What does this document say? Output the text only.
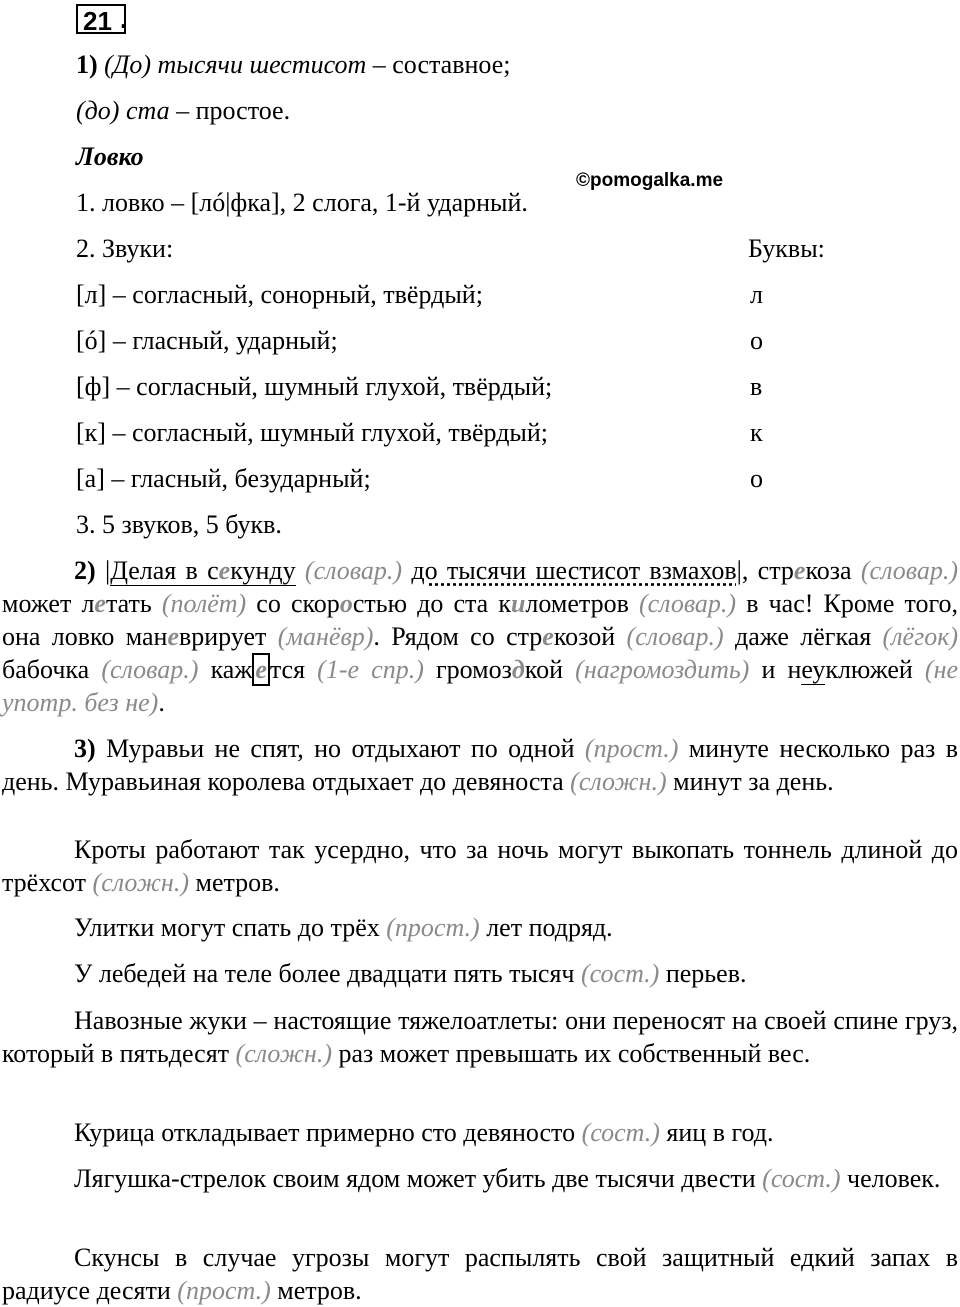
21 .
©pomogalka.me
1) (До) тысячи шестисот – составное;
(до) ста – простое.
Ловко
1. ловко – [лó|фка], 2 слога, 1-й ударный.
2. Звуки:	Буквы:
[л] – согласный, сонорный, твёрдый;	л
[ó] – гласный, ударный;	о
[ф] – согласный, шумный глухой, твёрдый;	в
[к] – согласный, шумный глухой, твёрдый;	к
[а] – гласный, безударный;	о
3. 5 звуков, 5 букв.
2) |Делая в секунду (словар.) до тысячи шестисот взмахов|, стрекоза (словар.) может летать (полёт) со скоростью до ста километров (словар.) в час! Кроме того, она ловко маневрирует (манёвр). Рядом со стрекозой (словар.) даже лёгкая (лёгок) бабочка (словар.) каж е тся (1-е спр.) громоздкой (нагромоздить) и неуклюжей (не употр. без не).
3) Муравьи не спят, но отдыхают по одной (прост.) минуте несколько раз в день. Муравьиная королева отдыхает до девяноста (сложн.) минут за день.
Кроты работают так усердно, что за ночь могут выкопать тоннель длиной до трёхсот (сложн.) метров.
Улитки могут спать до трёх (прост.) лет подряд.
У лебедей на теле более двадцати пять тысяч (сост.) перьев.
Навозные жуки – настоящие тяжелоатлеты: они переносят на своей спине груз, который в пятьдесят (сложн.) раз может превышать их собственный вес.
Курица откладывает примерно сто девяносто (сост.) яиц в год.
Лягушка-стрелок своим ядом может убить две тысячи двести (сост.) человек.
Скунсы в случае угрозы могут распылять свой защитный едкий запах в радиусе десяти (прост.) метров.
